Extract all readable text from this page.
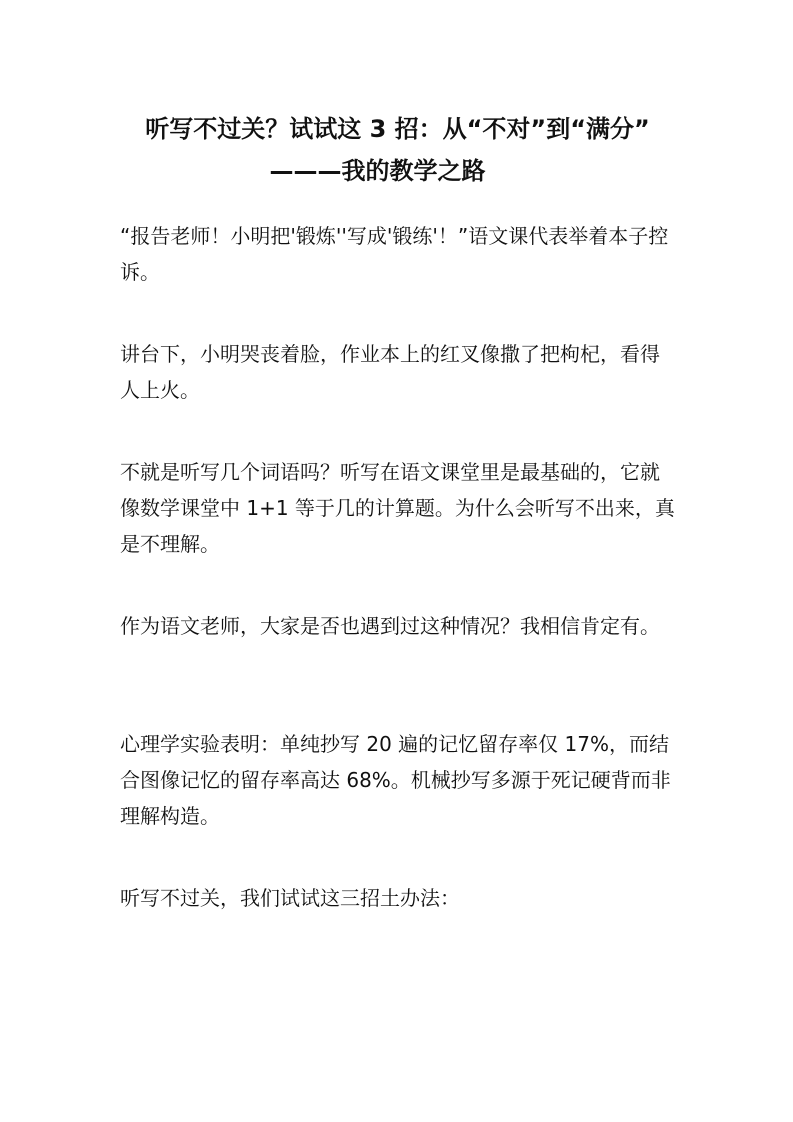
听写不过关？试试这 3 招：从“不对”到“满分”
———我的教学之路

“报告老师！小明把'锻炼''写成'锻练'！”语文课代表举着本子控诉。

讲台下，小明哭丧着脸，作业本上的红叉像撒了把枸杞，看得人上火。

不就是听写几个词语吗？听写在语文课堂里是最基础的，它就像数学课堂中 1+1 等于几的计算题。为什么会听写不出来，真是不理解。

作为语文老师，大家是否也遇到过这种情况？我相信肯定有。

心理学实验表明：单纯抄写 20 遍的记忆留存率仅 17%，而结合图像记忆的留存率高达 68%。机械抄写多源于死记硬背而非理解构造。

听写不过关，我们试试这三招土办法：
